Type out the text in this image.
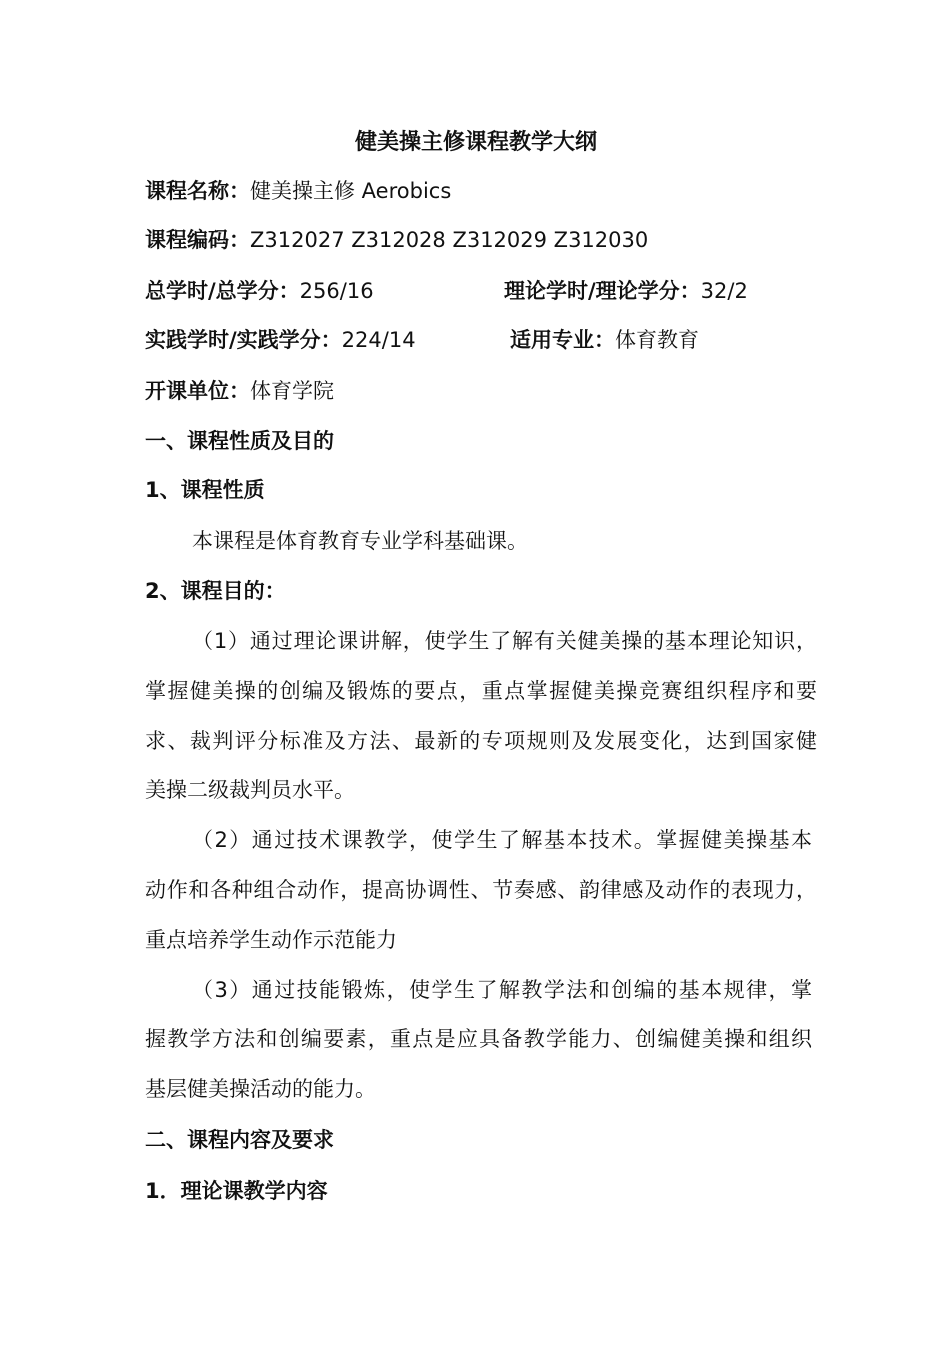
健美操主修课程教学大纲
课程名称：健美操主修 Aerobics
课程编码：Z312027 Z312028 Z312029 Z312030
总学时/总学分：256/16	理论学时/理论学分：32/2
实践学时/实践学分：224/14	适用专业：体育教育
开课单位：体育学院
一、课程性质及目的
1、课程性质
本课程是体育教育专业学科基础课。
2、课程目的：
（1）通过理论课讲解，使学生了解有关健美操的基本理论知识，
掌握健美操的创编及锻炼的要点，重点掌握健美操竞赛组织程序和要
求、裁判评分标准及方法、最新的专项规则及发展变化，达到国家健
美操二级裁判员水平。
（2）通过技术课教学，使学生了解基本技术。掌握健美操基本
动作和各种组合动作，提高协调性、节奏感、韵律感及动作的表现力，
重点培养学生动作示范能力
（3）通过技能锻炼，使学生了解教学法和创编的基本规律，掌
握教学方法和创编要素，重点是应具备教学能力、创编健美操和组织
基层健美操活动的能力。
二、课程内容及要求
1．理论课教学内容
